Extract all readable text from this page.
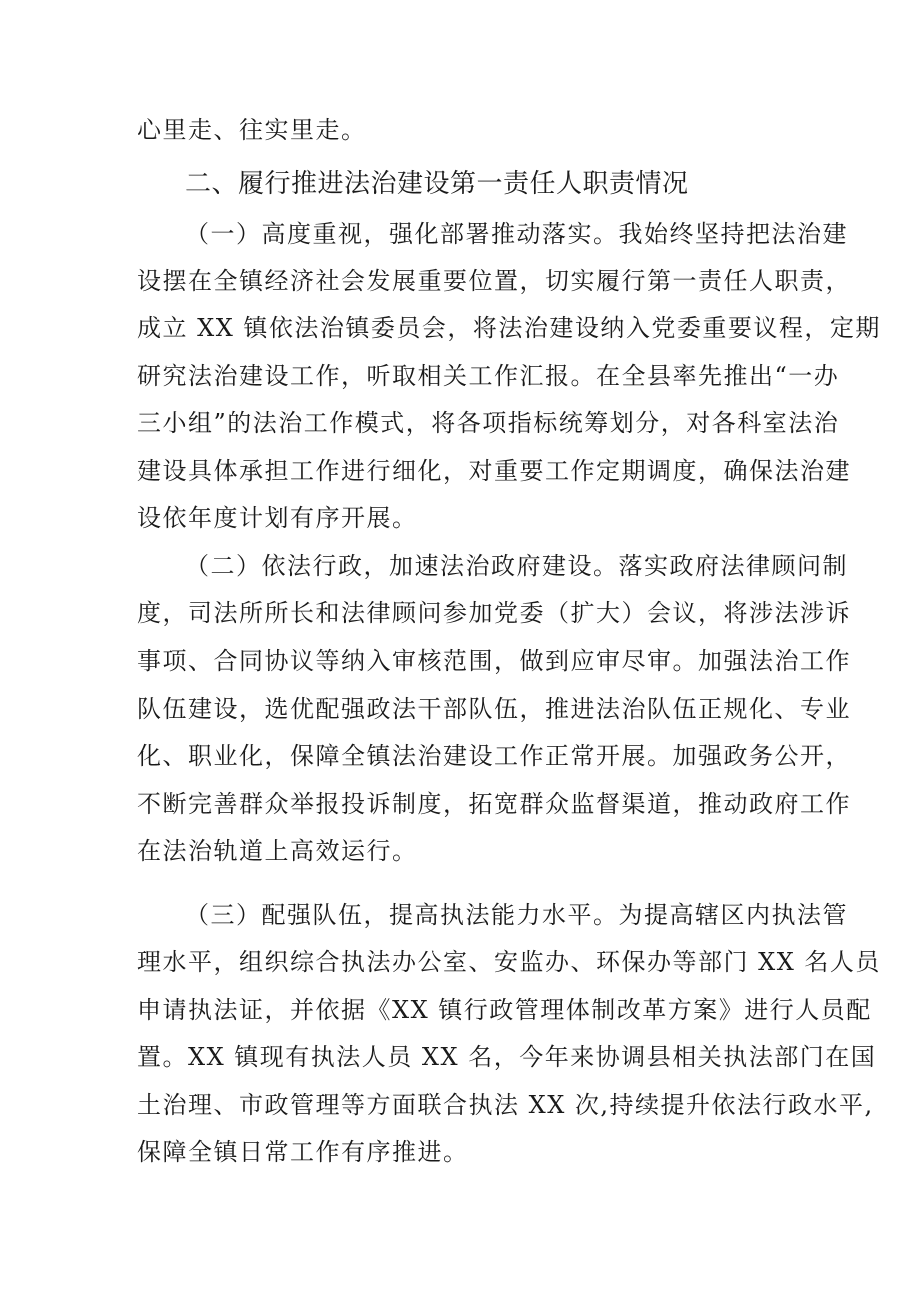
心里走、往实里走。
二、履行推进法治建设第一责任人职责情况
（一）高度重视，强化部署推动落实。我始终坚持把法治建
设摆在全镇经济社会发展重要位置，切实履行第一责任人职责，
成立 XX 镇依法治镇委员会，将法治建设纳入党委重要议程，定期
研究法治建设工作，听取相关工作汇报。在全县率先推出“一办
三小组”的法治工作模式，将各项指标统筹划分，对各科室法治
建设具体承担工作进行细化，对重要工作定期调度，确保法治建
设依年度计划有序开展。
（二）依法行政，加速法治政府建设。落实政府法律顾问制
度，司法所所长和法律顾问参加党委（扩大）会议，将涉法涉诉
事项、合同协议等纳入审核范围，做到应审尽审。加强法治工作
队伍建设，选优配强政法干部队伍，推进法治队伍正规化、专业
化、职业化，保障全镇法治建设工作正常开展。加强政务公开，
不断完善群众举报投诉制度，拓宽群众监督渠道，推动政府工作
在法治轨道上高效运行。
（三）配强队伍，提高执法能力水平。为提高辖区内执法管
理水平，组织综合执法办公室、安监办、环保办等部门 XX 名人员
申请执法证，并依据《XX 镇行政管理体制改革方案》进行人员配
置。XX 镇现有执法人员 XX 名，今年来协调县相关执法部门在国
土治理、市政管理等方面联合执法 XX 次,持续提升依法行政水平,
保障全镇日常工作有序推进。
